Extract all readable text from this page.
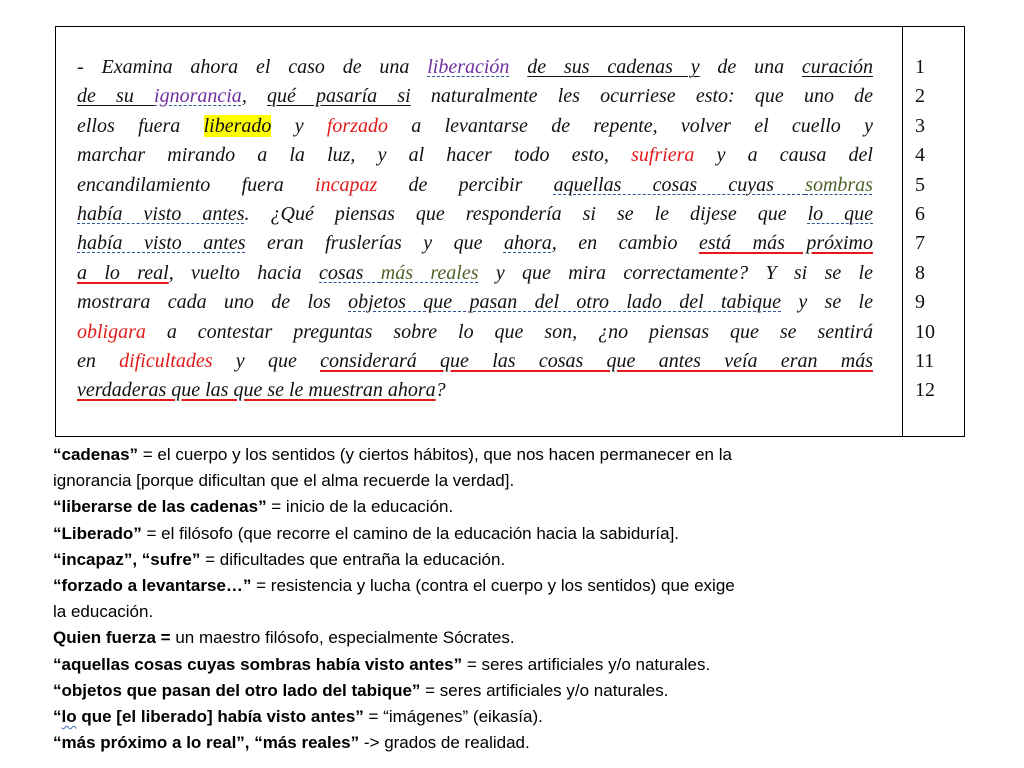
- Examina ahora el caso de una liberación de sus cadenas y de una curación
de su ignorancia, qué pasaría si naturalmente les ocurriese esto: que uno de
ellos fuera liberado y forzado a levantarse de repente, volver el cuello y
marchar mirando a la luz, y al hacer todo esto, sufriera y a causa del
encandilamiento fuera incapaz de percibir aquellas cosas cuyas sombras
había visto antes. ¿Qué piensas que respondería si se le dijese que lo que
había visto antes eran fruslerías y que ahora, en cambio está más próximo
a lo real, vuelto hacia cosas más reales y que mira correctamente? Y si se le
mostrara cada uno de los objetos que pasan del otro lado del tabique y se le
obligara a contestar preguntas sobre lo que son, ¿no piensas que se sentirá
en dificultades y que considerará que las cosas que antes veía eran más
verdaderas que las que se le muestran ahora?
1
2
3
4
5
6
7
8
9
10
11
12
“cadenas” = el cuerpo y los sentidos (y ciertos hábitos), que nos hacen permanecer en la
ignorancia [porque dificultan que el alma recuerde la verdad].
“liberarse de las cadenas” = inicio de la educación.
“Liberado” = el filósofo (que recorre el camino de la educación hacia la sabiduría].
“incapaz”, “sufre” = dificultades que entraña la educación.
“forzado a levantarse…” = resistencia y lucha (contra el cuerpo y los sentidos) que exige
la educación.
Quien fuerza = un maestro filósofo, especialmente Sócrates.
“aquellas cosas cuyas sombras había visto antes” = seres artificiales y/o naturales.
“objetos que pasan del otro lado del tabique” = seres artificiales y/o naturales.
“lo que [el liberado] había visto antes” = “imágenes” (eikasía).
“más próximo a lo real”, “más reales” -> grados de realidad.
